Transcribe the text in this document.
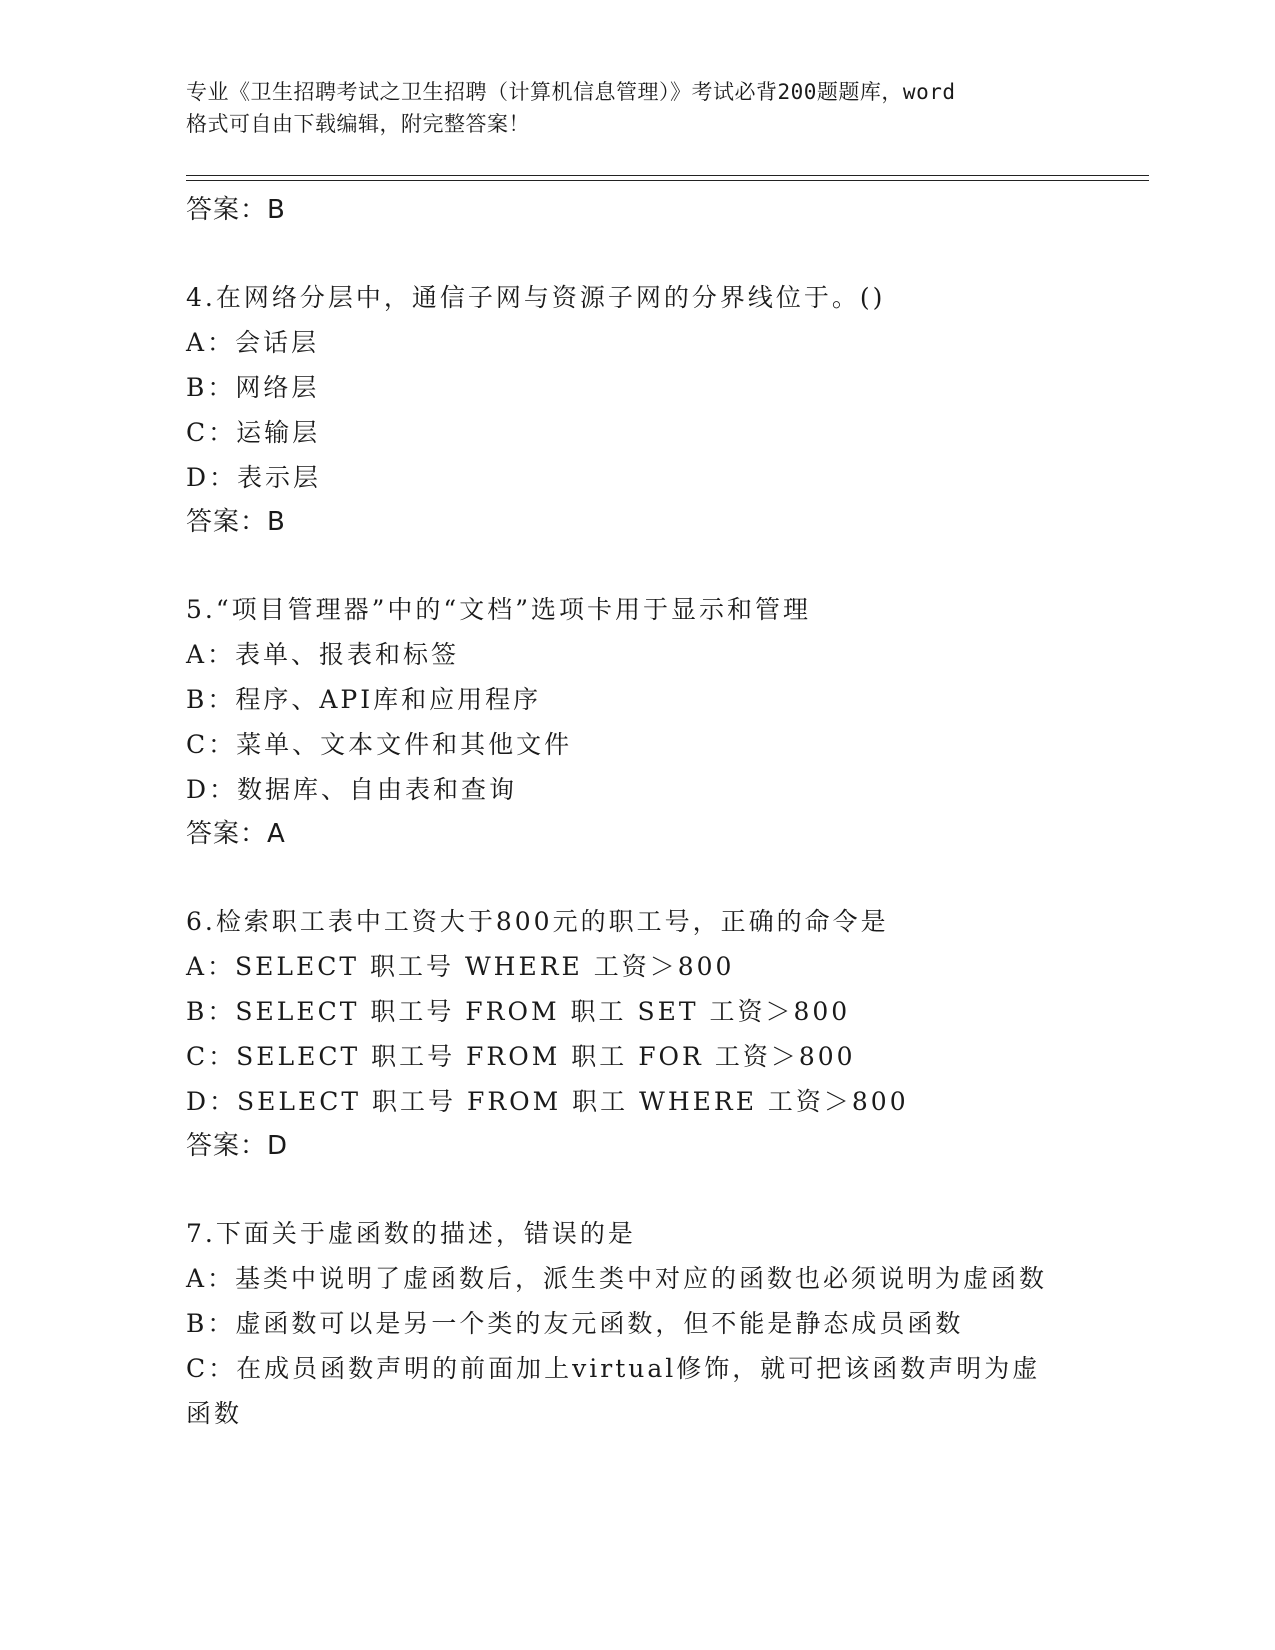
专业《卫生招聘考试之卫生招聘（计算机信息管理）》考试必背200题题库，word
格式可自由下载编辑，附完整答案！
答案：B
4.在网络分层中，通信子网与资源子网的分界线位于。()
A：会话层
B：网络层
C：运输层
D：表示层
答案：B
5.“项目管理器”中的“文档”选项卡用于显示和管理
A：表单、报表和标签
B：程序、API库和应用程序
C：菜单、文本文件和其他文件
D：数据库、自由表和查询
答案：A
6.检索职工表中工资大于800元的职工号，正确的命令是
A：SELECT 职工号 WHERE 工资＞800
B：SELECT 职工号 FROM 职工 SET 工资＞800
C：SELECT 职工号 FROM 职工 FOR 工资＞800
D：SELECT 职工号 FROM 职工 WHERE 工资＞800
答案：D
7.下面关于虚函数的描述，错误的是
A：基类中说明了虚函数后，派生类中对应的函数也必须说明为虚函数
B：虚函数可以是另一个类的友元函数，但不能是静态成员函数
C：在成员函数声明的前面加上virtual修饰，就可把该函数声明为虚
函数
